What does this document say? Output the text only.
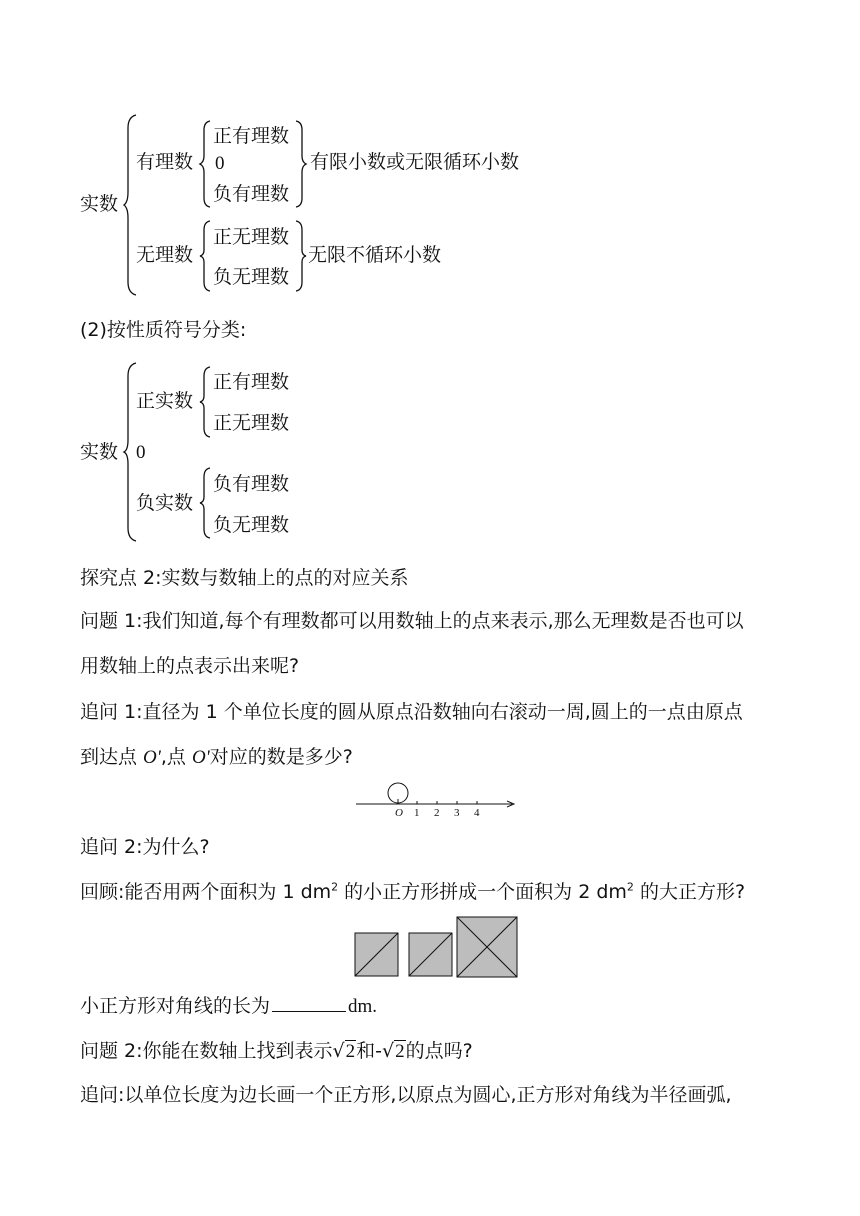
实数
有理数
正有理数
0
负有理数
有限小数或无限循环小数
无理数
正无理数
负无理数
无限不循环小数
(2)按性质符号分类:
实数
正实数
正有理数
正无理数
0
负实数
负有理数
负无理数
探究点 2:实数与数轴上的点的对应关系
问题 1:我们知道,每个有理数都可以用数轴上的点来表示,那么无理数是否也可以
用数轴上的点表示出来呢?
追问 1:直径为 1 个单位长度的圆从原点沿数轴向右滚动一周,圆上的一点由原点
到达点 O',点 O'对应的数是多少?
O 1 2 3 4
追问 2:为什么?
回顾:能否用两个面积为 1 $dm^2$ 的小正方形拼成一个面积为 2 $dm^2$ 的大正方形?
小正方形对角线的长为	dm.
问题 2:你能在数轴上找到表示√2和-√2的点吗?
追问:以单位长度为边长画一个正方形,以原点为圆心,正方形对角线为半径画弧,
